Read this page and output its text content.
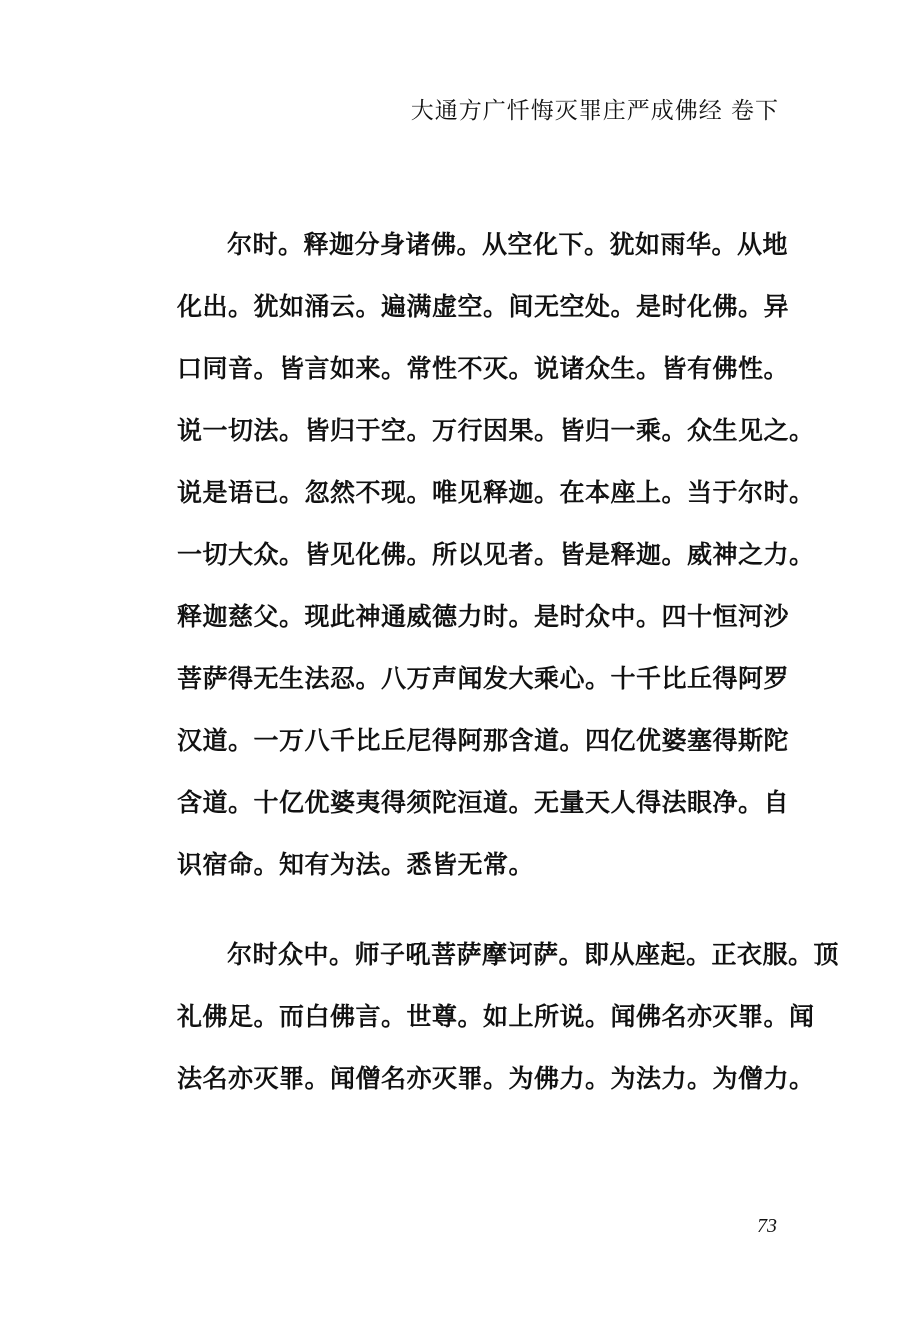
大通方广忏悔灭罪庄严成佛经 卷下
尔时。释迦分身诸佛。从空化下。犹如雨华。从地
化出。犹如涌云。遍满虚空。间无空处。是时化佛。异
口同音。皆言如来。常性不灭。说诸众生。皆有佛性。
说一切法。皆归于空。万行因果。皆归一乘。众生见之。
说是语已。忽然不现。唯见释迦。在本座上。当于尔时。
一切大众。皆见化佛。所以见者。皆是释迦。威神之力。
释迦慈父。现此神通威德力时。是时众中。四十恒河沙
菩萨得无生法忍。八万声闻发大乘心。十千比丘得阿罗
汉道。一万八千比丘尼得阿那含道。四亿优婆塞得斯陀
含道。十亿优婆夷得须陀洹道。无量天人得法眼净。自
识宿命。知有为法。悉皆无常。
尔时众中。师子吼菩萨摩诃萨。即从座起。正衣服。顶
礼佛足。而白佛言。世尊。如上所说。闻佛名亦灭罪。闻
法名亦灭罪。闻僧名亦灭罪。为佛力。为法力。为僧力。
73
